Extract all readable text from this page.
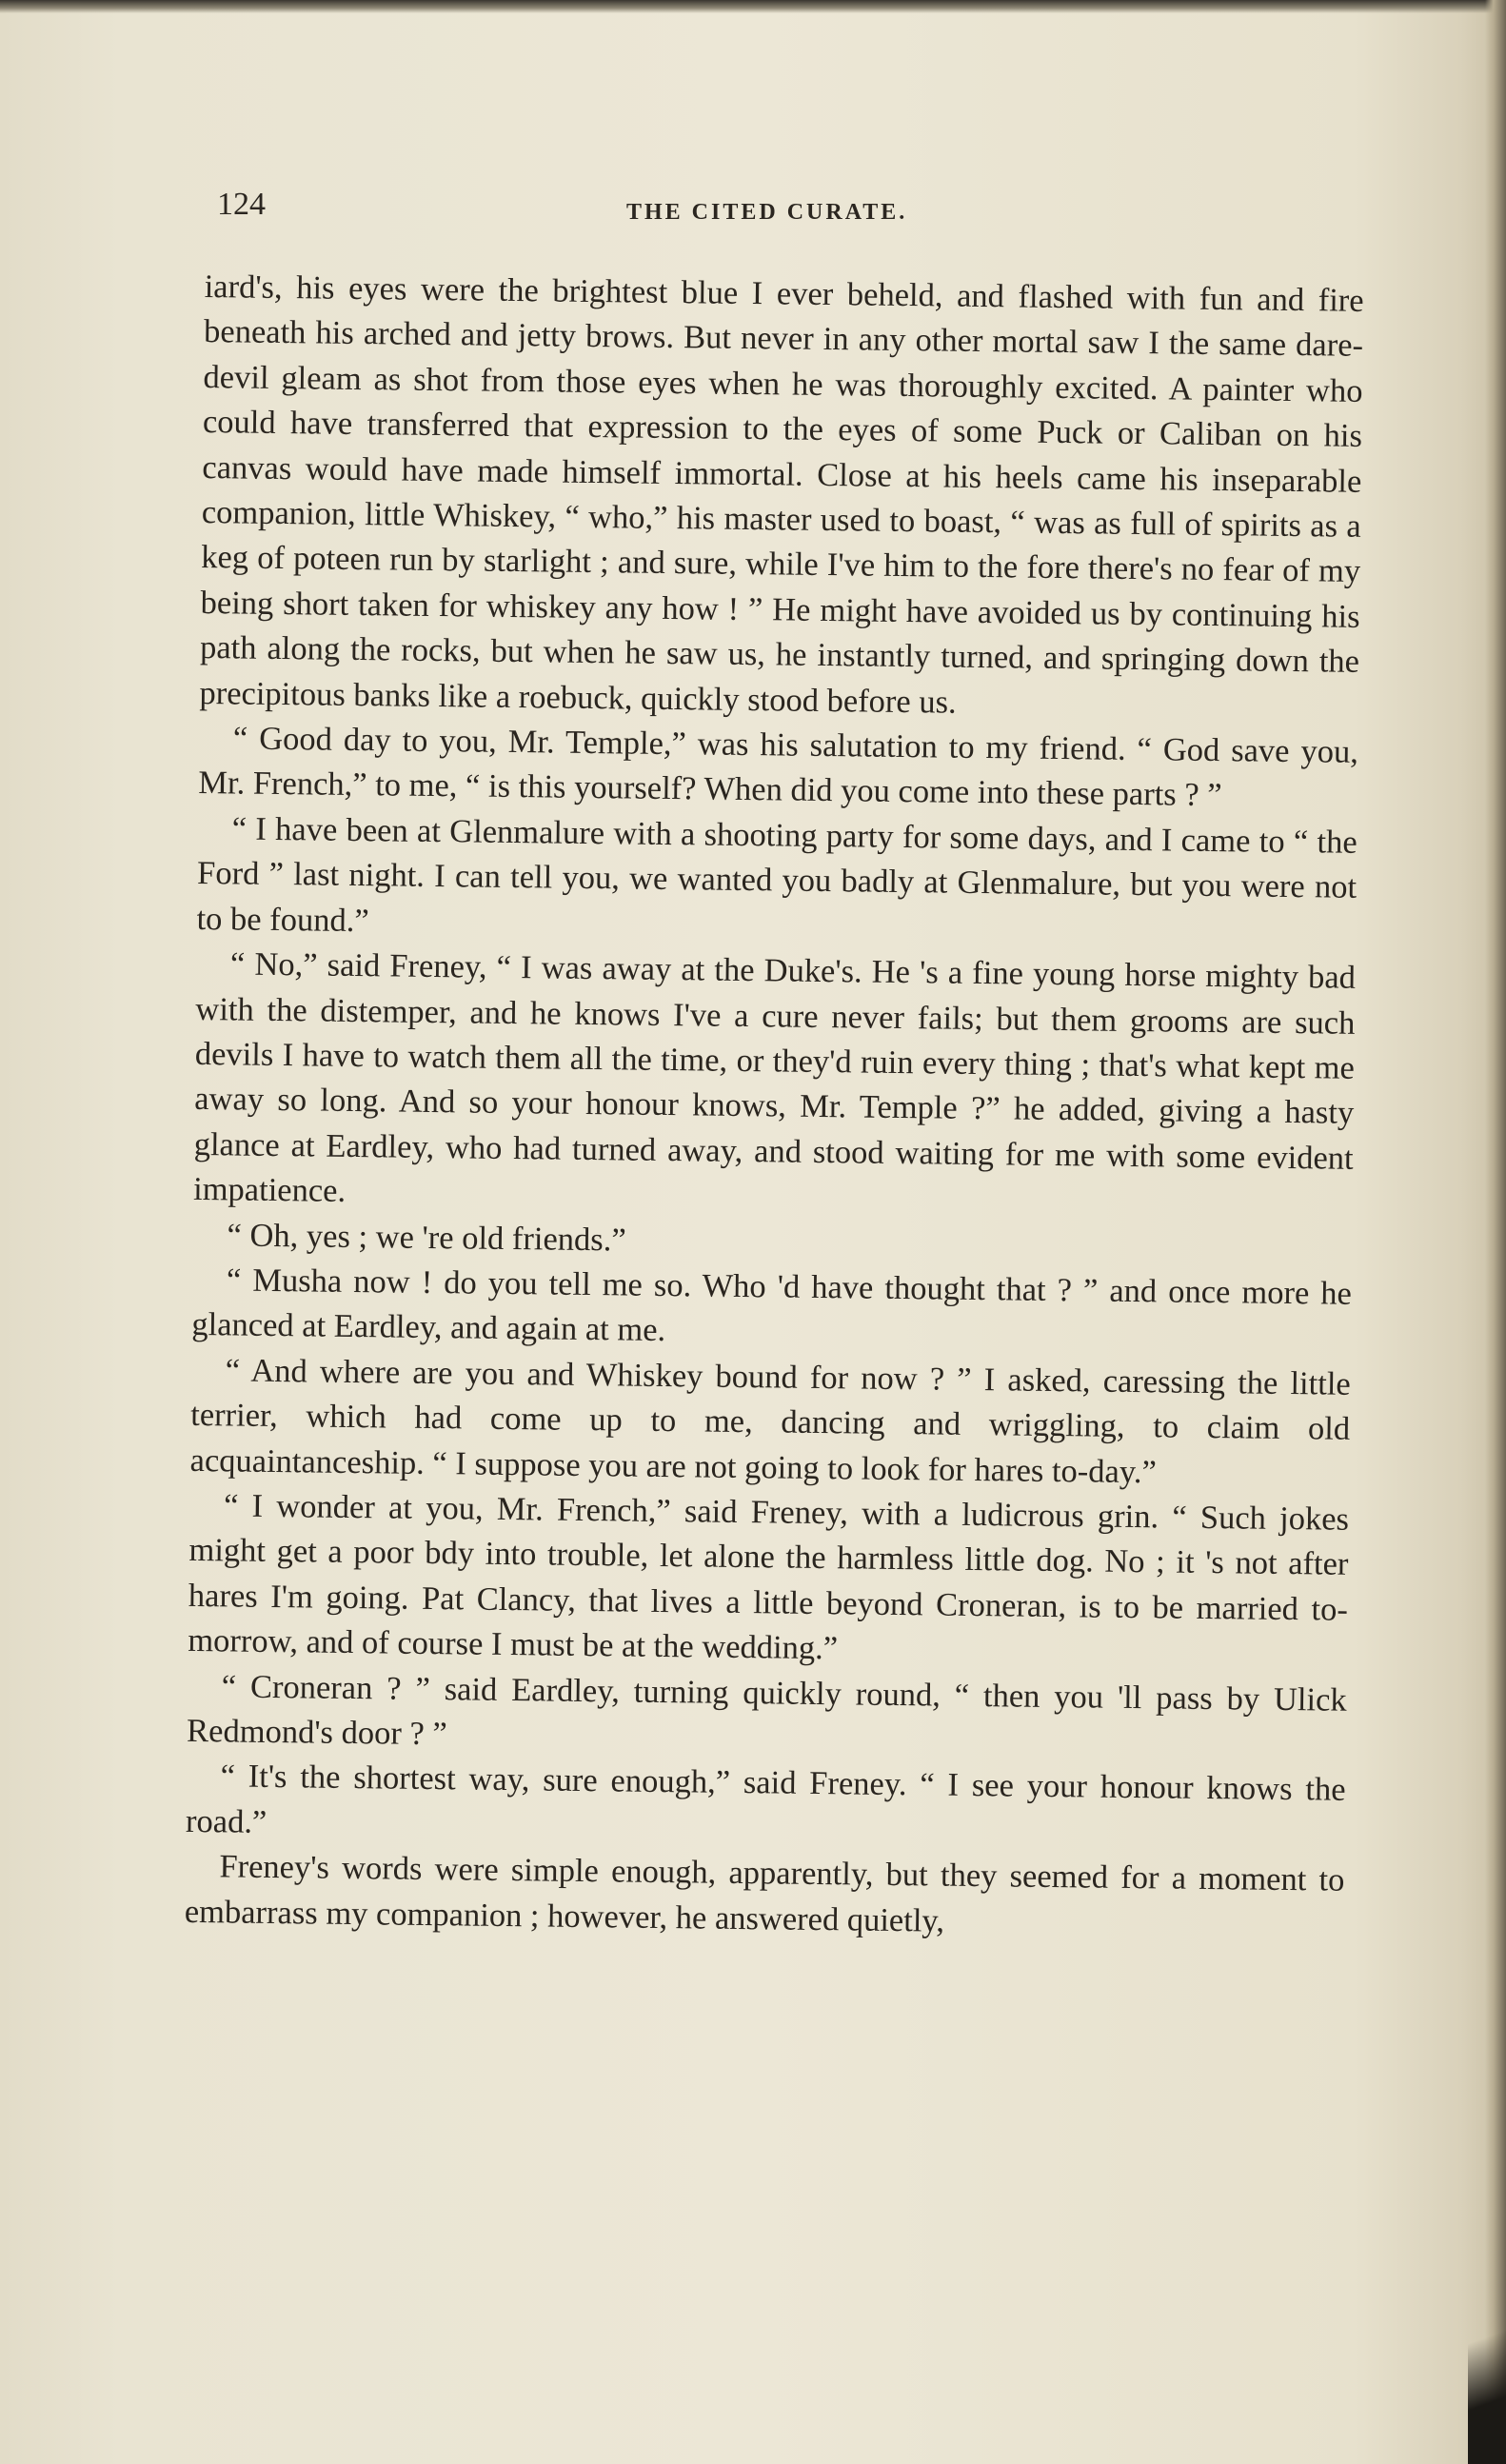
124	THE CITED CURATE.

iard's, his eyes were the brightest blue I ever beheld, and flashed with fun and fire beneath his arched and jetty brows. But never in any other mortal saw I the same dare-devil gleam as shot from those eyes when he was thoroughly excited. A painter who could have transferred that expression to the eyes of some Puck or Caliban on his canvas would have made himself immortal. Close at his heels came his inseparable companion, little Whiskey, “ who,” his master used to boast, “ was as full of spirits as a keg of poteen run by starlight ; and sure, while I've him to the fore there's no fear of my being short taken for whiskey any how ! ” He might have avoided us by continuing his path along the rocks, but when he saw us, he instantly turned, and springing down the precipitous banks like a roebuck, quickly stood before us.

“ Good day to you, Mr. Temple,” was his salutation to my friend. “ God save you, Mr. French,” to me, “ is this yourself? When did you come into these parts ? ”

“ I have been at Glenmalure with a shooting party for some days, and I came to “ the Ford ” last night. I can tell you, we wanted you badly at Glenmalure, but you were not to be found.”

“ No,” said Freney, “ I was away at the Duke's. He 's a fine young horse mighty bad with the distemper, and he knows I've a cure never fails; but them grooms are such devils I have to watch them all the time, or they'd ruin every thing ; that's what kept me away so long. And so your honour knows, Mr. Temple ?” he added, giving a hasty glance at Eardley, who had turned away, and stood waiting for me with some evident impatience.

“ Oh, yes ; we 're old friends.”

“ Musha now ! do you tell me so. Who 'd have thought that ? ” and once more he glanced at Eardley, and again at me.

“ And where are you and Whiskey bound for now ? ” I asked, caressing the little terrier, which had come up to me, dancing and wriggling, to claim old acquaintanceship. “ I suppose you are not going to look for hares to-day.”

“ I wonder at you, Mr. French,” said Freney, with a ludicrous grin. “ Such jokes might get a poor bdy into trouble, let alone the harmless little dog. No ; it 's not after hares I'm going. Pat Clancy, that lives a little beyond Croneran, is to be married to-morrow, and of course I must be at the wedding.”

“ Croneran ? ” said Eardley, turning quickly round, “ then you 'll pass by Ulick Redmond's door ? ”

“ It's the shortest way, sure enough,” said Freney. “ I see your honour knows the road.”

Freney's words were simple enough, apparently, but they seemed for a moment to embarrass my companion ; however, he answered quietly,
